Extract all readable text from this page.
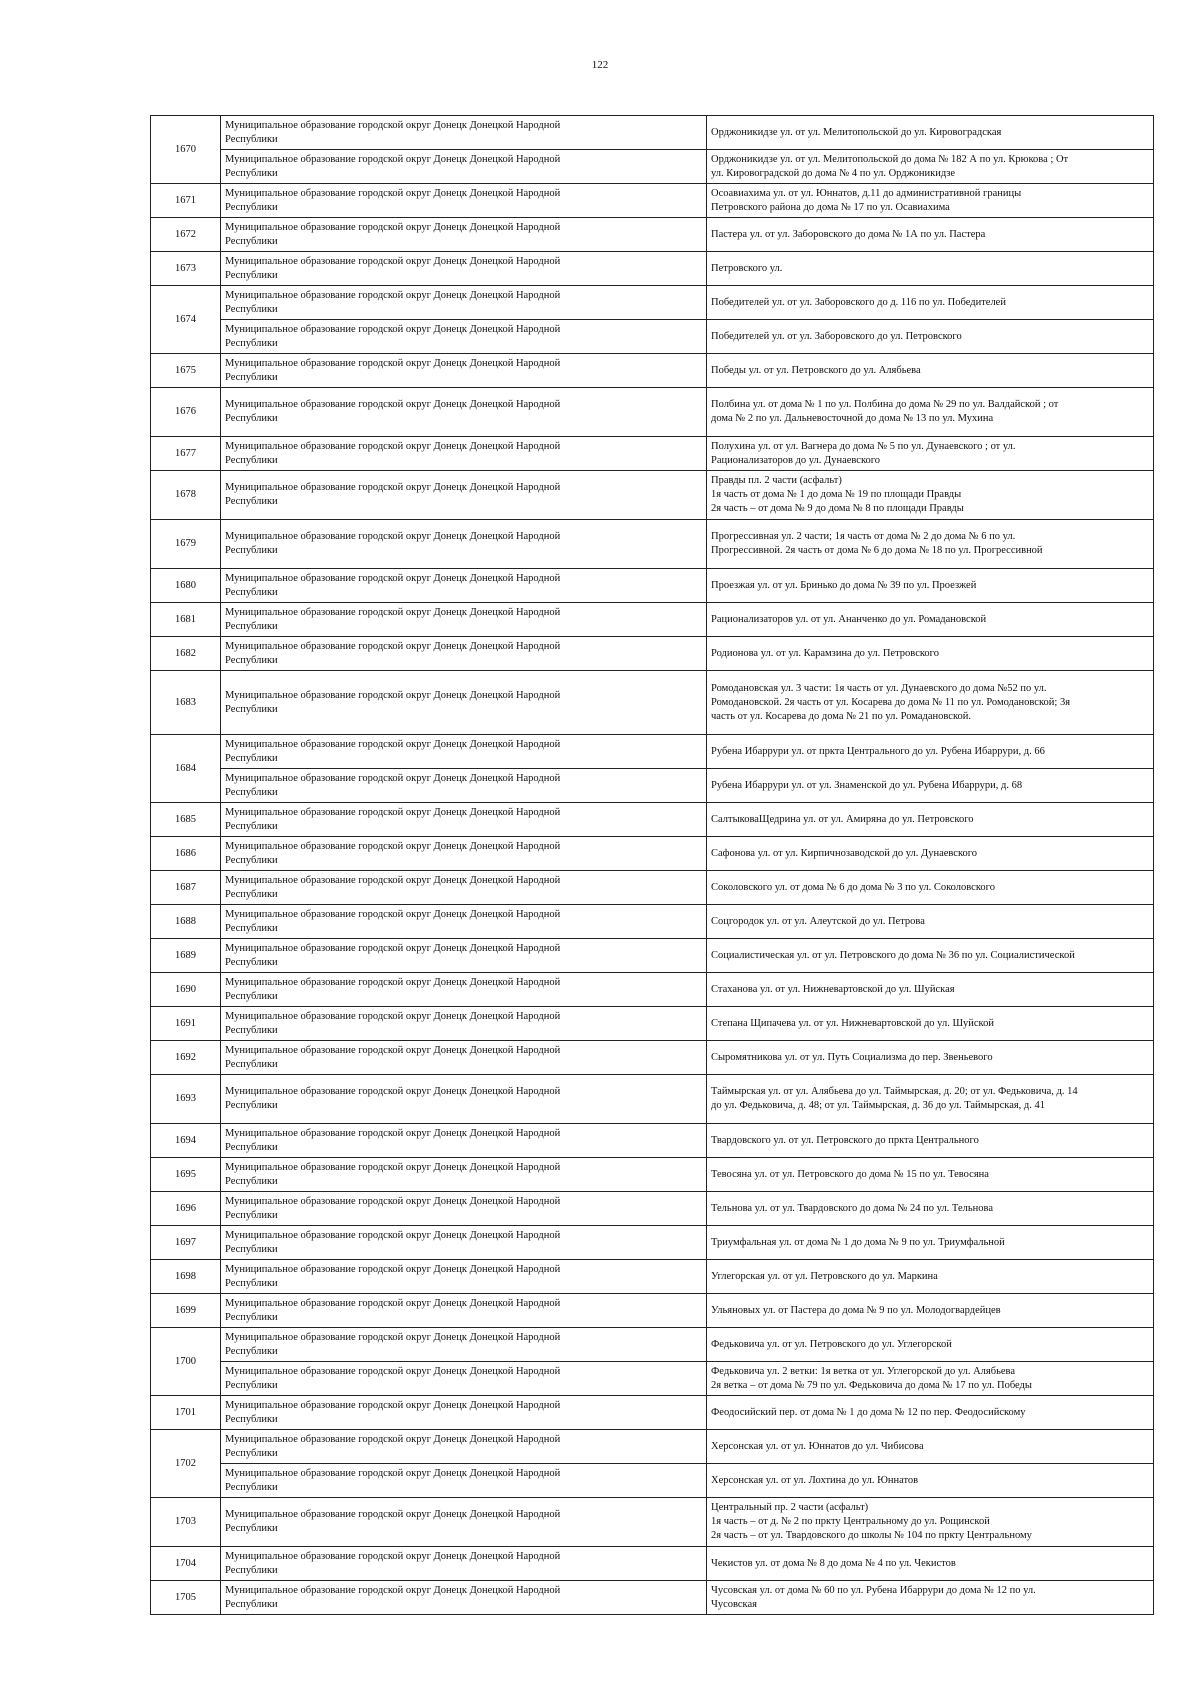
122
1670	Муниципальное образование городской округ Донецк Донецкой Народной
Республики	Орджоникидзе ул. от ул. Мелитопольской до ул. Кировоградская

	Муниципальное образование городской округ Донецк Донецкой Народной
Республики	Орджоникидзе ул. от ул. Мелитопольской до дома № 182 А по ул. Крюкова ; От
ул. Кировоградской до дома № 4 по ул. Орджоникидзе

1671	Муниципальное образование городской округ Донецк Донецкой Народной
Республики	Осоавиахима ул. от ул. Юннатов, д.11 до административной границы
Петровского района до дома № 17 по ул. Осавиахима

1672	Муниципальное образование городской округ Донецк Донецкой Народной
Республики	Пастера ул. от ул. Заборовского до дома № 1А по ул. Пастера

1673	Муниципальное образование городской округ Донецк Донецкой Народной
Республики	Петровского ул.

1674	Муниципальное образование городской округ Донецк Донецкой Народной
Республики	Победителей ул. от ул. Заборовского до д. 116 по ул. Победителей

	Муниципальное образование городской округ Донецк Донецкой Народной
Республики	Победителей ул. от ул. Заборовского до ул. Петровского

1675	Муниципальное образование городской округ Донецк Донецкой Народной
Республики	Победы ул. от ул. Петровского до ул. Алябьева

1676	Муниципальное образование городской округ Донецк Донецкой Народной
Республики	Полбина ул. от дома № 1 по ул. Полбина до дома № 29 по ул. Валдайской ; от
дома № 2 по ул. Дальневосточной до дома № 13 по ул. Мухина

1677	Муниципальное образование городской округ Донецк Донецкой Народной
Республики	Полухина ул. от ул. Вагнера до дома № 5 по ул. Дунаевского ; от ул.
Рационализаторов до ул. Дунаевского

1678	Муниципальное образование городской округ Донецк Донецкой Народной
Республики	Правды пл. 2 части (асфальт)
1я часть от дома № 1 до дома № 19 по площади Правды
2я часть – от дома № 9 до дома № 8 по площади Правды

1679	Муниципальное образование городской округ Донецк Донецкой Народной
Республики	Прогрессивная ул. 2 части; 1я часть от дома № 2 до дома № 6 по ул.
Прогрессивной. 2я часть от дома № 6 до дома № 18 по ул. Прогрессивной

1680	Муниципальное образование городской округ Донецк Донецкой Народной
Республики	Проезжая ул. от ул. Бринько до дома № 39 по ул. Проезжей

1681	Муниципальное образование городской округ Донецк Донецкой Народной
Республики	Рационализаторов ул. от ул. Ананченко до ул. Ромадановской

1682	Муниципальное образование городской округ Донецк Донецкой Народной
Республики	Родионова ул. от ул. Карамзина до ул. Петровского

1683	Муниципальное образование городской округ Донецк Донецкой Народной
Республики	Ромодановская ул. 3 части: 1я часть от ул. Дунаевского до дома №52 по ул.
Ромодановской. 2я часть от ул. Косарева до дома № 11 по ул. Ромодановской; 3я
часть от ул. Косарева до дома № 21 по ул. Ромадановской.

1684	Муниципальное образование городской округ Донецк Донецкой Народной
Республики	Рубена Ибаррури ул. от пркта Центрального до ул. Рубена Ибаррури, д. 66

	Муниципальное образование городской округ Донецк Донецкой Народной
Республики	Рубена Ибаррури ул. от ул. Знаменской до ул. Рубена Ибаррури, д. 68

1685	Муниципальное образование городской округ Донецк Донецкой Народной
Республики	СалтыковаЩедрина ул. от ул. Амиряна до ул. Петровского

1686	Муниципальное образование городской округ Донецк Донецкой Народной
Республики	Сафонова ул. от ул. Кирпичнозаводской до ул. Дунаевского

1687	Муниципальное образование городской округ Донецк Донецкой Народной
Республики	Соколовского ул. от дома № 6 до дома № 3 по ул. Соколовского

1688	Муниципальное образование городской округ Донецк Донецкой Народной
Республики	Соцгородок ул. от ул. Алеутской до ул. Петрова

1689	Муниципальное образование городской округ Донецк Донецкой Народной
Республики	Социалистическая ул. от ул. Петровского до дома № 36 по ул. Социалистической

1690	Муниципальное образование городской округ Донецк Донецкой Народной
Республики	Стаханова ул. от ул. Нижневартовской до ул. Шуйская

1691	Муниципальное образование городской округ Донецк Донецкой Народной
Республики	Степана Щипачева ул. от ул. Нижневартовской до ул. Шуйской

1692	Муниципальное образование городской округ Донецк Донецкой Народной
Республики	Сыромятникова ул. от ул. Путь Социализма до пер. Звеньевого

1693	Муниципальное образование городской округ Донецк Донецкой Народной
Республики	Таймырская ул. от ул. Алябьева до ул. Таймырская, д. 20; от ул. Федьковича, д. 14
до ул. Федьковича, д. 48; от ул. Таймырская, д. 36 до ул. Таймырская, д. 41

1694	Муниципальное образование городской округ Донецк Донецкой Народной
Республики	Твардовского ул. от ул. Петровского до пркта Центрального

1695	Муниципальное образование городской округ Донецк Донецкой Народной
Республики	Тевосяна ул. от ул. Петровского до дома № 15 по ул. Тевосяна

1696	Муниципальное образование городской округ Донецк Донецкой Народной
Республики	Тельнова ул. от ул. Твардовского до дома № 24 по ул. Тельнова

1697	Муниципальное образование городской округ Донецк Донецкой Народной
Республики	Триумфальная ул. от дома № 1 до дома № 9 по ул. Триумфальной

1698	Муниципальное образование городской округ Донецк Донецкой Народной
Республики	Углегорская ул. от ул. Петровского до ул. Маркина

1699	Муниципальное образование городской округ Донецк Донецкой Народной
Республики	Ульяновых ул. от Пастера до дома № 9 по ул. Молодогвардейцев

1700	Муниципальное образование городской округ Донецк Донецкой Народной
Республики	Федьковича ул. от ул. Петровского до ул. Углегорской

	Муниципальное образование городской округ Донецк Донецкой Народной
Республики	Федьковича ул. 2 ветки: 1я ветка от ул. Углегорской до ул. Алябьева
2я ветка – от дома № 79 по ул. Федьковича до дома № 17 по ул. Победы

1701	Муниципальное образование городской округ Донецк Донецкой Народной
Республики	Феодосийский пер. от дома № 1 до дома № 12 по пер. Феодосийскому

1702	Муниципальное образование городской округ Донецк Донецкой Народной
Республики	Херсонская ул. от ул. Юннатов до ул. Чибисова

	Муниципальное образование городской округ Донецк Донецкой Народной
Республики	Херсонская ул. от ул. Лохтина до ул. Юннатов

1703	Муниципальное образование городской округ Донецк Донецкой Народной
Республики	Центральный пр. 2 части (асфальт)
1я часть – от д. № 2 по пркту Центральному до ул. Рощинской
2я часть – от ул. Твардовского до школы № 104 по пркту Центральному

1704	Муниципальное образование городской округ Донецк Донецкой Народной
Республики	Чекистов ул. от дома № 8 до дома № 4 по ул. Чекистов

1705	Муниципальное образование городской округ Донецк Донецкой Народной
Республики	Чусовская ул. от дома № 60 по ул. Рубена Ибаррури до дома № 12 по ул.
Чусовская
